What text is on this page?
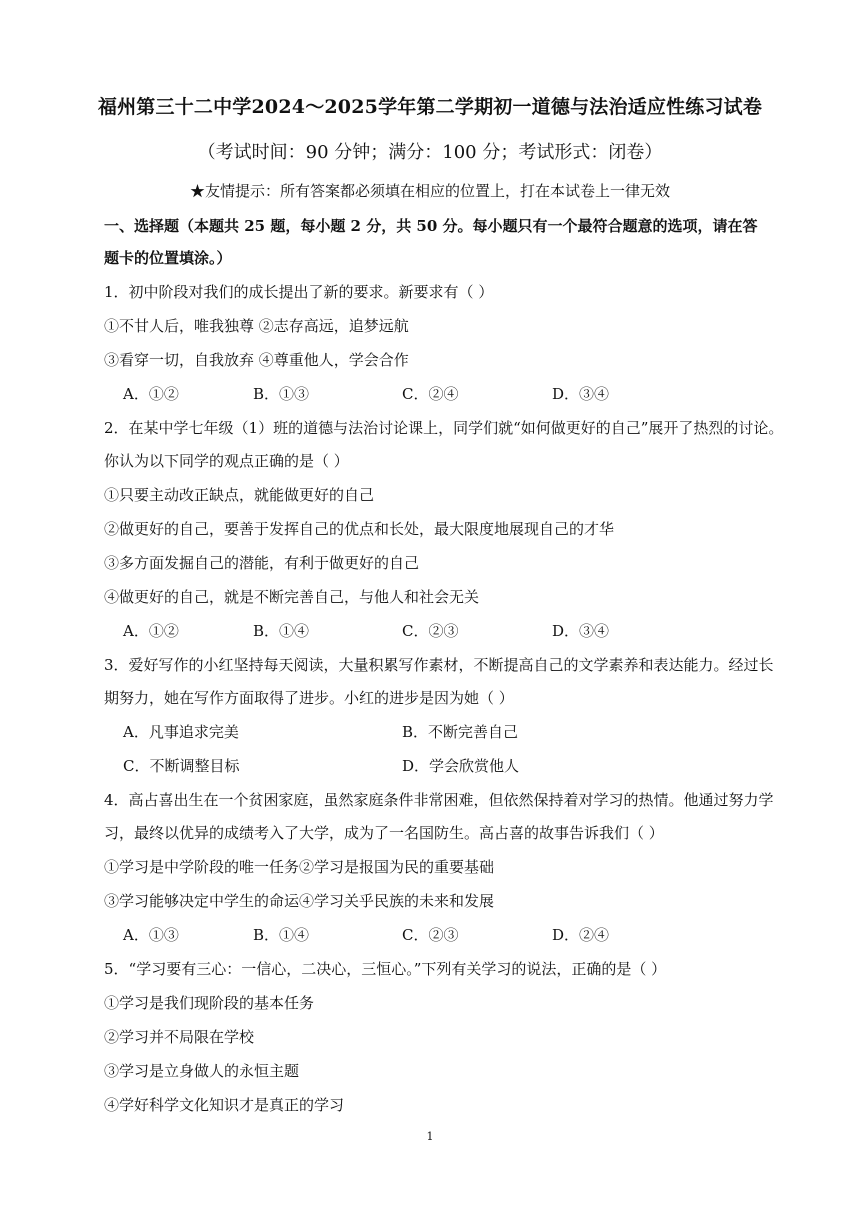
福州第三十二中学2024～2025学年第二学期初一道德与法治适应性练习试卷
（考试时间：90 分钟；满分：100 分；考试形式：闭卷）
★友情提示：所有答案都必须填在相应的位置上，打在本试卷上一律无效
一、选择题（本题共 25 题，每小题 2 分，共 50 分。每小题只有一个最符合题意的选项，请在答
题卡的位置填涂。）
1．初中阶段对我们的成长提出了新的要求。新要求有（ ）
①不甘人后，唯我独尊 ②志存高远，追梦远航
③看穿一切，自我放弃 ④尊重他人，学会合作
A．①②	B．①③	C．②④	D．③④
2．在某中学七年级（1）班的道德与法治讨论课上，同学们就“如何做更好的自己”展开了热烈的讨论。
你认为以下同学的观点正确的是（ ）
①只要主动改正缺点，就能做更好的自己
②做更好的自己，要善于发挥自己的优点和长处，最大限度地展现自己的才华
③多方面发掘自己的潜能，有利于做更好的自己
④做更好的自己，就是不断完善自己，与他人和社会无关
A．①②	B．①④	C．②③	D．③④
3．爱好写作的小红坚持每天阅读，大量积累写作素材，不断提高自己的文学素养和表达能力。经过长
期努力，她在写作方面取得了进步。小红的进步是因为她（ ）
A．凡事追求完美	B．不断完善自己
C．不断调整目标	D．学会欣赏他人
4．高占喜出生在一个贫困家庭，虽然家庭条件非常困难，但依然保持着对学习的热情。他通过努力学
习，最终以优异的成绩考入了大学，成为了一名国防生。高占喜的故事告诉我们（ ）
①学习是中学阶段的唯一任务②学习是报国为民的重要基础
③学习能够决定中学生的命运④学习关乎民族的未来和发展
A．①③	B．①④	C．②③	D．②④
5．“学习要有三心：一信心，二决心，三恒心。”下列有关学习的说法，正确的是（ ）
①学习是我们现阶段的基本任务
②学习并不局限在学校
③学习是立身做人的永恒主题
④学好科学文化知识才是真正的学习
1
